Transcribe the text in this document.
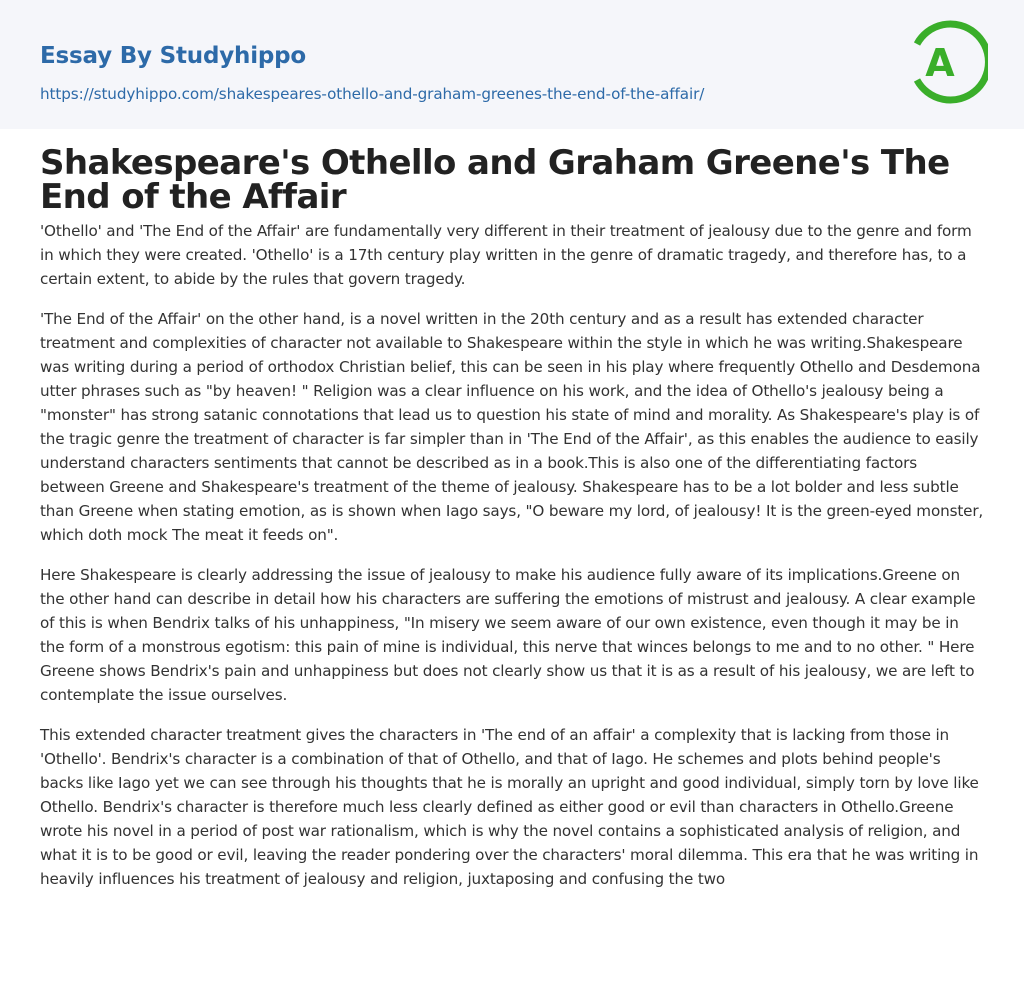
Essay By Studyhippo
https://studyhippo.com/shakespeares-othello-and-graham-greenes-the-end-of-the-affair/
A
Shakespeare's Othello and Graham Greene's The End of the Affair

'Othello' and 'The End of the Affair' are fundamentally very different in their treatment of jealousy due to the genre and form in which they were created. 'Othello' is a 17th century play written in the genre of dramatic tragedy, and therefore has, to a certain extent, to abide by the rules that govern tragedy.

'The End of the Affair' on the other hand, is a novel written in the 20th century and as a result has extended character treatment and complexities of character not available to Shakespeare within the style in which he was writing.Shakespeare was writing during a period of orthodox Christian belief, this can be seen in his play where frequently Othello and Desdemona utter phrases such as "by heaven! " Religion was a clear influence on his work, and the idea of Othello's jealousy being a "monster" has strong satanic connotations that lead us to question his state of mind and morality. As Shakespeare's play is of the tragic genre the treatment of character is far simpler than in 'The End of the Affair', as this enables the audience to easily understand characters sentiments that cannot be described as in a book.This is also one of the differentiating factors between Greene and Shakespeare's treatment of the theme of jealousy. Shakespeare has to be a lot bolder and less subtle than Greene when stating emotion, as is shown when Iago says, "O beware my lord, of jealousy! It is the green-eyed monster, which doth mock The meat it feeds on".

Here Shakespeare is clearly addressing the issue of jealousy to make his audience fully aware of its implications.Greene on the other hand can describe in detail how his characters are suffering the emotions of mistrust and jealousy. A clear example of this is when Bendrix talks of his unhappiness, "In misery we seem aware of our own existence, even though it may be in the form of a monstrous egotism: this pain of mine is individual, this nerve that winces belongs to me and to no other. " Here Greene shows Bendrix's pain and unhappiness but does not clearly show us that it is as a result of his jealousy, we are left to contemplate the issue ourselves.

This extended character treatment gives the characters in 'The end of an affair' a complexity that is lacking from those in 'Othello'. Bendrix's character is a combination of that of Othello, and that of Iago. He schemes and plots behind people's backs like Iago yet we can see through his thoughts that he is morally an upright and good individual, simply torn by love like Othello. Bendrix's character is therefore much less clearly defined as either good or evil than characters in Othello.Greene wrote his novel in a period of post war rationalism, which is why the novel contains a sophisticated analysis of religion, and what it is to be good or evil, leaving the reader pondering over the characters' moral dilemma. This era that he was writing in heavily influences his treatment of jealousy and religion, juxtaposing and confusing the two
